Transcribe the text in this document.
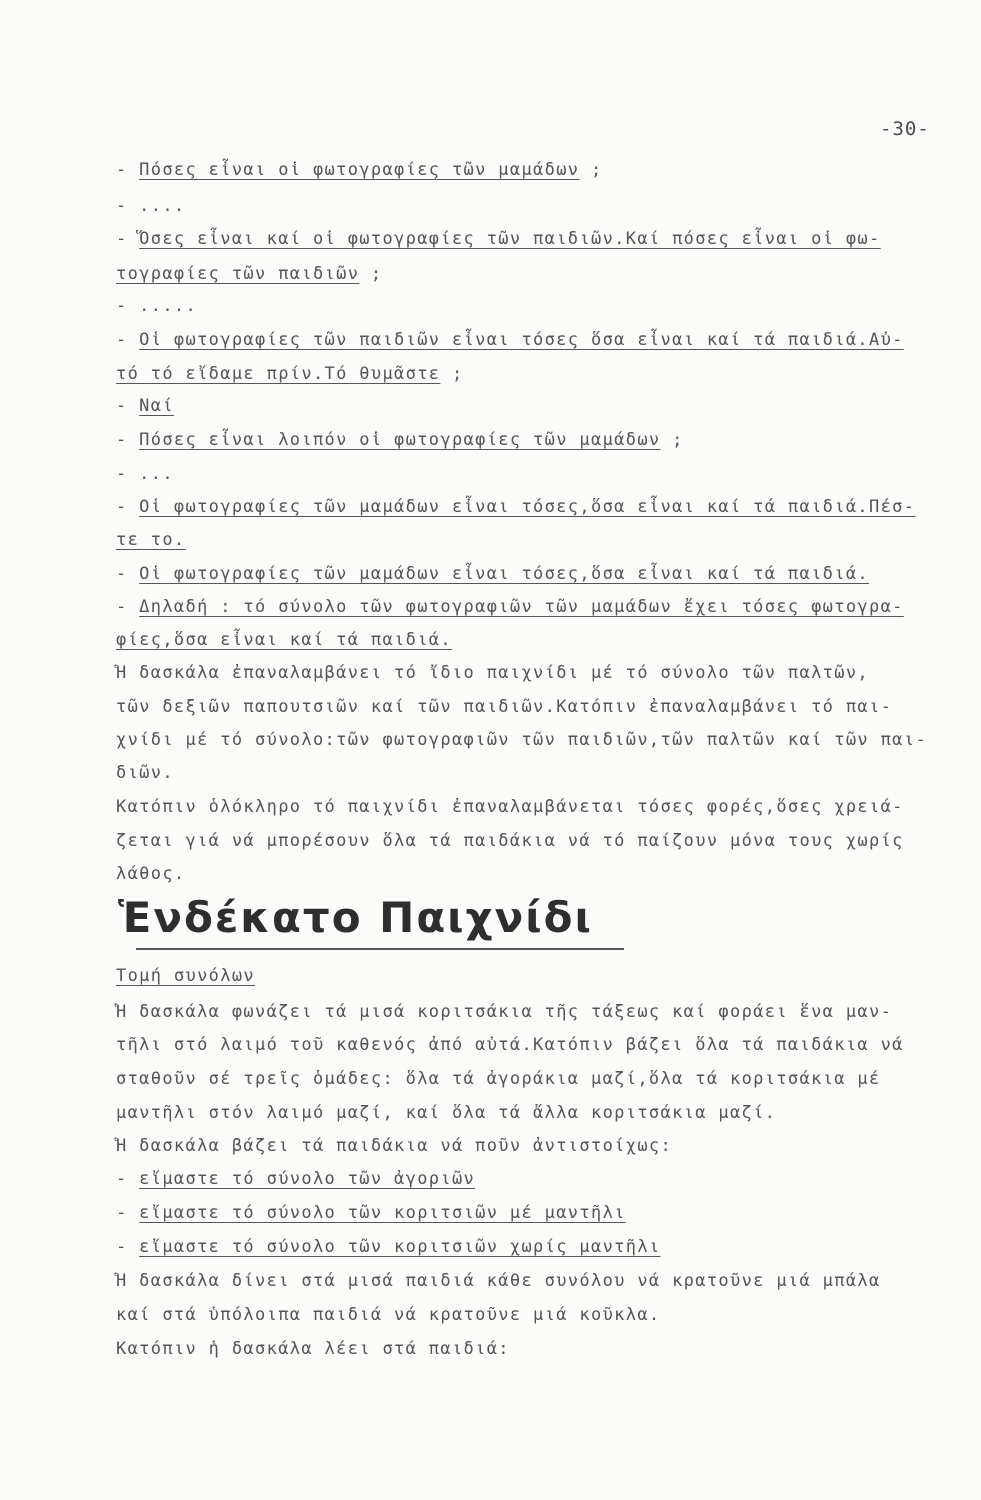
-30-
- Πόσες εἶναι οἱ φωτογραφίες τῶν μαμάδων ;
- ....
- Ὅσες εἶναι καί οἱ φωτογραφίες τῶν παιδιῶν.Καί πόσες εἶναι οἱ φω-
τογραφίες τῶν παιδιῶν ;
- .....
- Οἱ φωτογραφίες τῶν παιδιῶν εἶναι τόσες ὅσα εἶναι καί τά παιδιά.Αὐ-
τό τό εἴδαμε πρίν.Τό θυμᾶστε ;
- Ναί
- Πόσες εἶναι λοιπόν οἱ φωτογραφίες τῶν μαμάδων ;
- ...
- Οἱ φωτογραφίες τῶν μαμάδων εἶναι τόσες,ὅσα εἶναι καί τά παιδιά.Πέσ-
τε το.
- Οἱ φωτογραφίες τῶν μαμάδων εἶναι τόσες,ὅσα εἶναι καί τά παιδιά.
- Δηλαδή : τό σύνολο τῶν φωτογραφιῶν τῶν μαμάδων ἔχει τόσες φωτογρα-
φίες,ὅσα εἶναι καί τά παιδιά.
Ἡ δασκάλα ἐπαναλαμβάνει τό ἴδιο παιχνίδι μέ τό σύνολο τῶν παλτῶν,
τῶν δεξιῶν παπουτσιῶν καί τῶν παιδιῶν.Κατόπιν ἐπαναλαμβάνει τό παι-
χνίδι μέ τό σύνολο:τῶν φωτογραφιῶν τῶν παιδιῶν,τῶν παλτῶν καί τῶν παι-
διῶν.
Κατόπιν ὁλόκληρο τό παιχνίδι ἐπαναλαμβάνεται τόσες φορές,ὅσες χρειά-
ζεται γιά νά μπορέσουν ὅλα τά παιδάκια νά τό παίζουν μόνα τους χωρίς
λάθος.
Ἑνδέκατο Παιχνίδι
Τομή συνόλων
Ἡ δασκάλα φωνάζει τά μισά κοριτσάκια τῆς τάξεως καί φοράει ἕνα μαν-
τῆλι στό λαιμό τοῦ καθενός ἀπό αὐτά.Κατόπιν βάζει ὅλα τά παιδάκια νά
σταθοῦν σέ τρεῖς ὁμάδες: ὅλα τά ἀγοράκια μαζί,ὅλα τά κοριτσάκια μέ
μαντῆλι στόν λαιμό μαζί, καί ὅλα τά ἄλλα κοριτσάκια μαζί.
Ἡ δασκάλα βάζει τά παιδάκια νά ποῦν ἀντιστοίχως:
- εἴμαστε τό σύνολο τῶν ἀγοριῶν
- εἴμαστε τό σύνολο τῶν κοριτσιῶν μέ μαντῆλι
- εἴμαστε τό σύνολο τῶν κοριτσιῶν χωρίς μαντῆλι
Ἡ δασκάλα δίνει στά μισά παιδιά κάθε συνόλου νά κρατοῦνε μιά μπάλα
καί στά ὑπόλοιπα παιδιά νά κρατοῦνε μιά κοῦκλα.
Κατόπιν ἡ δασκάλα λέει στά παιδιά:
